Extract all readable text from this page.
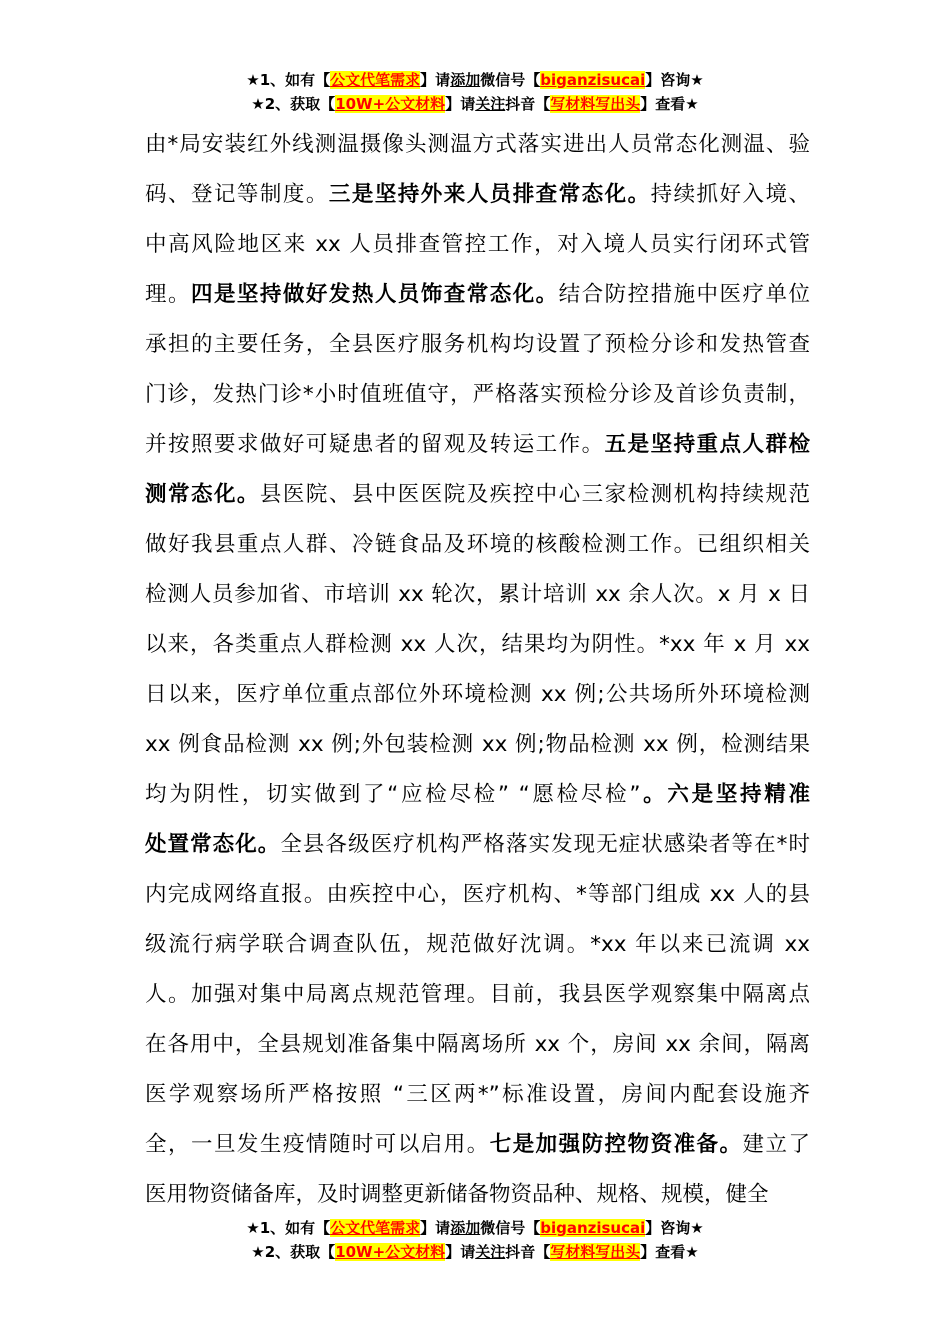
★1、如有【公文代笔需求】请添加微信号【biganzisucai】咨询★
★2、获取【10W+公文材料】请关注抖音【写材料写出头】查看★
由*局安装红外线测温摄像头测温方式落实进出人员常态化测温、验
码、登记等制度。三是坚持外来人员排查常态化。持续抓好入境、
中高风险地区来 xx 人员排查管控工作，对入境人员实行闭环式管
理。四是坚持做好发热人员饰查常态化。结合防控措施中医疗单位
承担的主要任务，全县医疗服务机构均设置了预检分诊和发热管查
门诊，发热门诊*小时值班值守，严格落实预检分诊及首诊负责制，
并按照要求做好可疑患者的留观及转运工作。五是坚持重点人群检
测常态化。县医院、县中医医院及疾控中心三家检测机构持续规范
做好我县重点人群、冷链食品及环境的核酸检测工作。已组织相关
检测人员参加省、市培训 xx 轮次，累计培训 xx 余人次。x 月 x 日
以来，各类重点人群检测 xx 人次，结果均为阴性。*xx 年 x 月 xx
日以来，医疗单位重点部位外环境检测 xx 例;公共场所外环境检测
xx 例食品检测 xx 例;外包装检测 xx 例;物品检测 xx 例，检测结果
均为阴性，切实做到了“应检尽检” “愿检尽检”。六是坚持精准
处置常态化。全县各级医疗机构严格落实发现无症状感染者等在*时
内完成网络直报。由疾控中心，医疗机构、*等部门组成 xx 人的县
级流行病学联合调查队伍，规范做好沈调。*xx 年以来已流调 xx
人。加强对集中局离点规范管理。目前，我县医学观察集中隔离点
在各用中，全县规划准备集中隔离场所 xx 个，房间 xx 余间，隔离
医学观察场所严格按照 “三区两*”标准设置，房间内配套设施齐
全，一旦发生疫情随时可以启用。七是加强防控物资准备。建立了
医用物资储备库，及时调整更新储备物资品种、规格、规模，健全
★1、如有【公文代笔需求】请添加微信号【biganzisucai】咨询★
★2、获取【10W+公文材料】请关注抖音【写材料写出头】查看★
